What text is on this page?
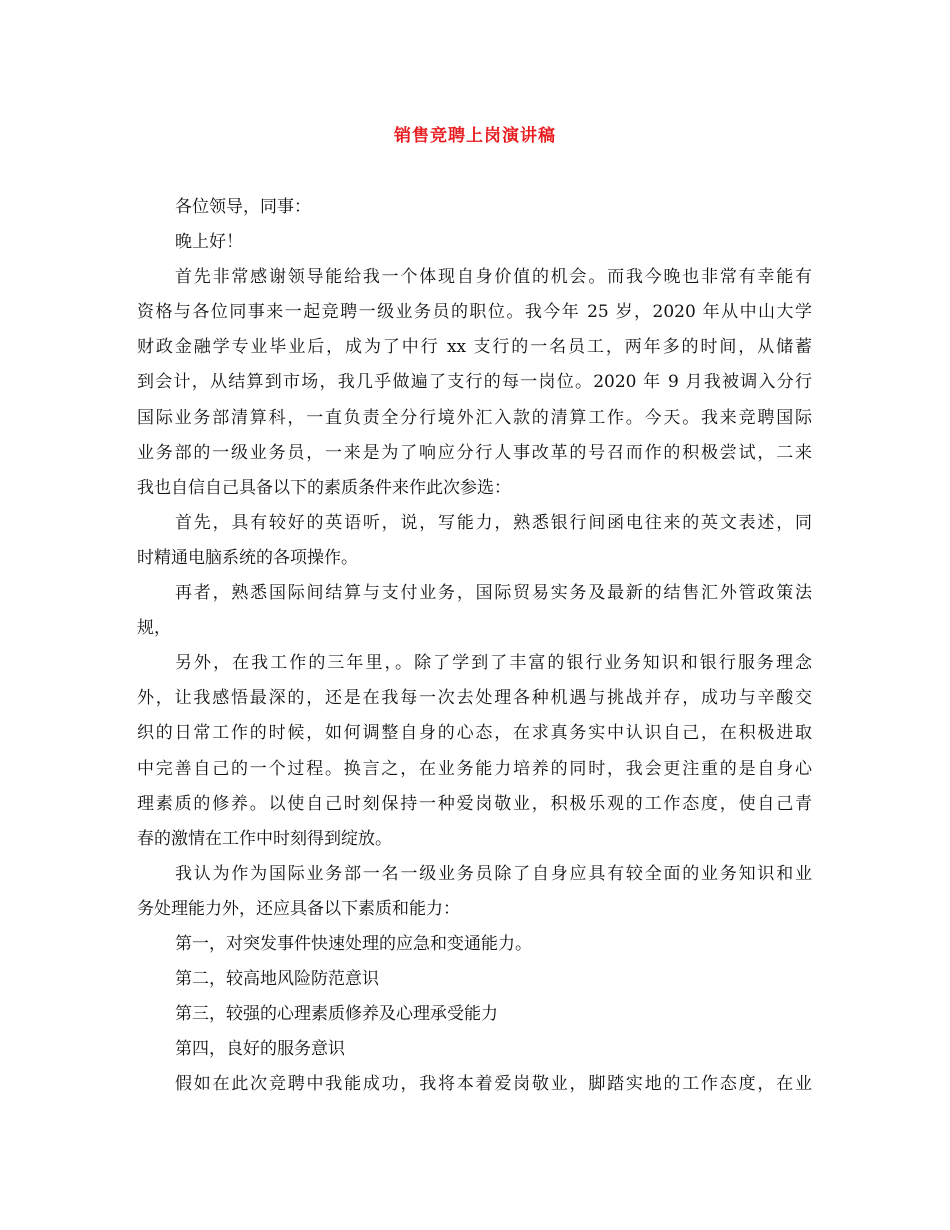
销售竞聘上岗演讲稿
各位领导，同事：
晚上好！
首先非常感谢领导能给我一个体现自身价值的机会。而我今晚也非常有幸能有
资格与各位同事来一起竞聘一级业务员的职位。我今年 25 岁，2020 年从中山大学
财政金融学专业毕业后，成为了中行 xx 支行的一名员工，两年多的时间，从储蓄
到会计，从结算到市场，我几乎做遍了支行的每一岗位。2020 年 9 月我被调入分行
国际业务部清算科，一直负责全分行境外汇入款的清算工作。今天。我来竞聘国际
业务部的一级业务员，一来是为了响应分行人事改革的号召而作的积极尝试，二来
我也自信自己具备以下的素质条件来作此次参选：
首先，具有较好的英语听，说，写能力，熟悉银行间函电往来的英文表述，同
时精通电脑系统的各项操作。
再者，熟悉国际间结算与支付业务，国际贸易实务及最新的结售汇外管政策法
规，
另外，在我工作的三年里，。除了学到了丰富的银行业务知识和银行服务理念
外，让我感悟最深的，还是在我每一次去处理各种机遇与挑战并存，成功与辛酸交
织的日常工作的时候，如何调整自身的心态，在求真务实中认识自己，在积极进取
中完善自己的一个过程。换言之，在业务能力培养的同时，我会更注重的是自身心
理素质的修养。以使自己时刻保持一种爱岗敬业，积极乐观的工作态度，使自己青
春的激情在工作中时刻得到绽放。
我认为作为国际业务部一名一级业务员除了自身应具有较全面的业务知识和业
务处理能力外，还应具备以下素质和能力：
第一，对突发事件快速处理的应急和变通能力。
第二，较高地风险防范意识
第三，较强的心理素质修养及心理承受能力
第四，良好的服务意识
假如在此次竞聘中我能成功，我将本着爱岗敬业，脚踏实地的工作态度，在业
